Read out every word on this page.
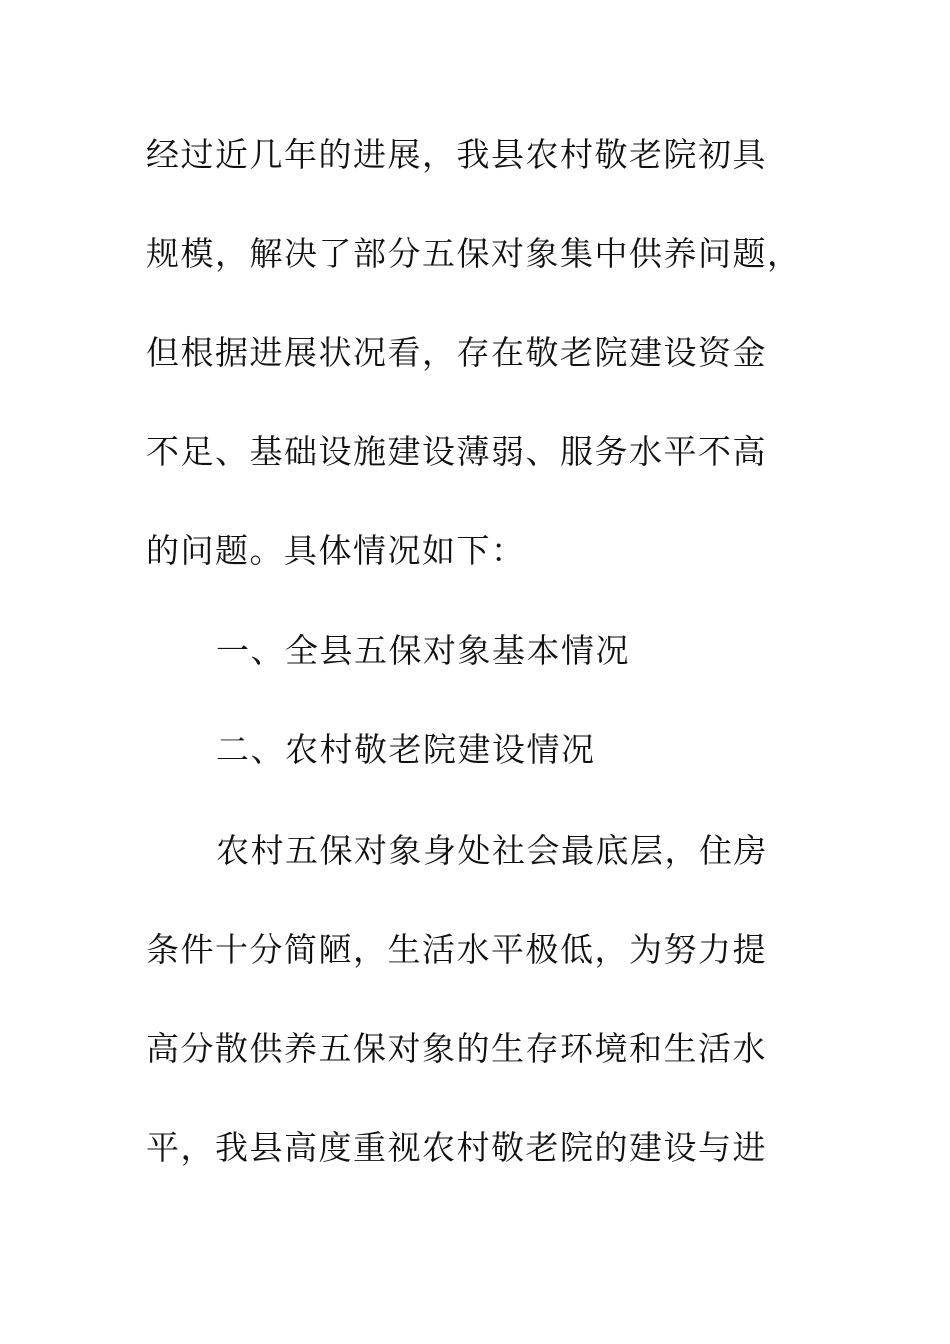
经过近几年的进展，我县农村敬老院初具
规模，解决了部分五保对象集中供养问题，
但根据进展状况看，存在敬老院建设资金
不足、基础设施建设薄弱、服务水平不高
的问题。具体情况如下：
一、全县五保对象基本情况
二、农村敬老院建设情况
农村五保对象身处社会最底层，住房
条件十分简陋，生活水平极低，为努力提
高分散供养五保对象的生存环境和生活水
平，我县高度重视农村敬老院的建设与进
